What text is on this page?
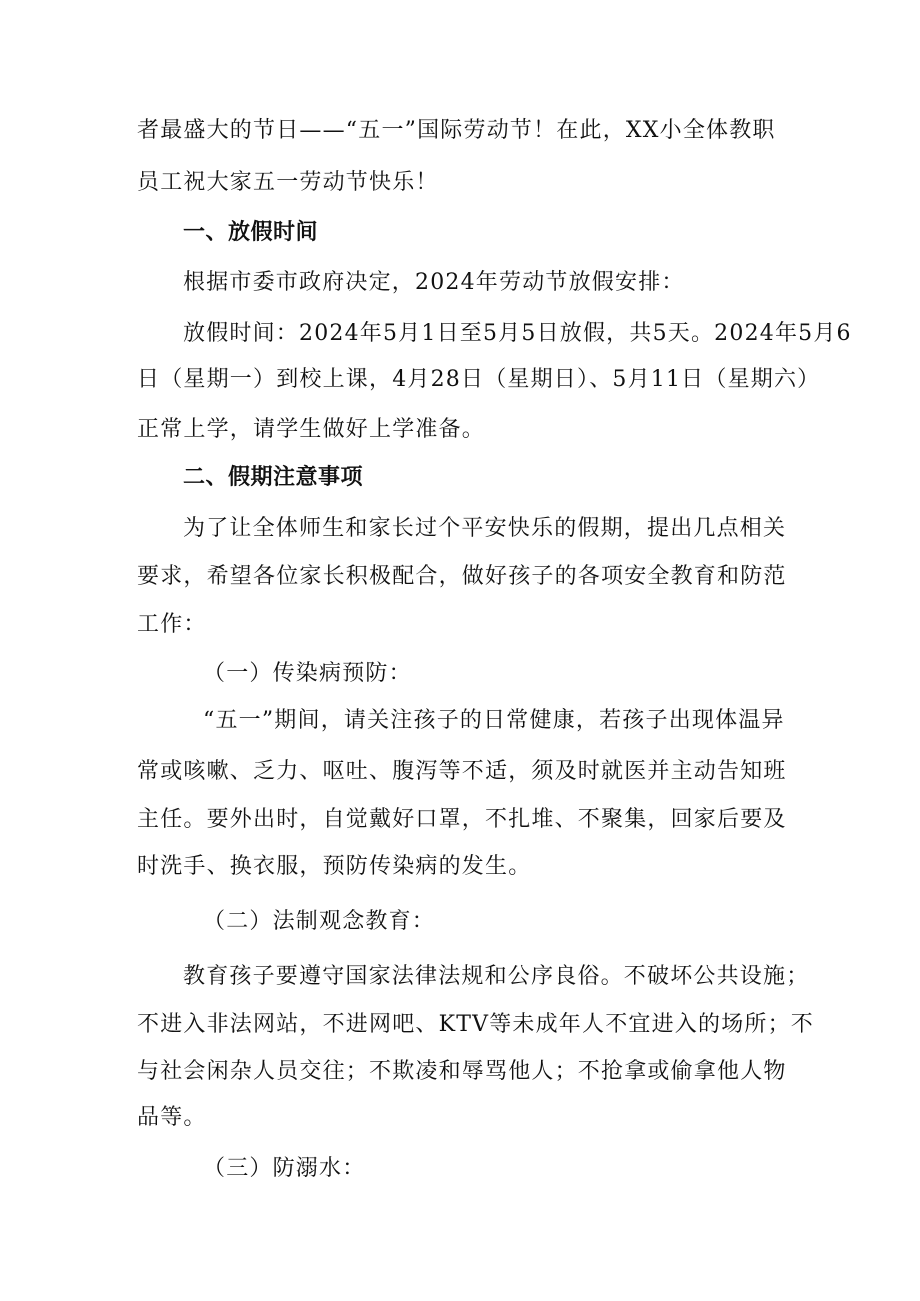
者最盛大的节日——“五一”国际劳动节！在此，XX小全体教职
员工祝大家五一劳动节快乐！
一、放假时间
根据市委市政府决定，2024年劳动节放假安排：
放假时间：2024年5月1日至5月5日放假，共5天。2024年5月6
日（星期一）到校上课，4月28日（星期日）、5月11日（星期六）
正常上学，请学生做好上学准备。
二、假期注意事项
为了让全体师生和家长过个平安快乐的假期，提出几点相关
要求，希望各位家长积极配合，做好孩子的各项安全教育和防范
工作：
（一）传染病预防：
“五一”期间，请关注孩子的日常健康，若孩子出现体温异
常或咳嗽、乏力、呕吐、腹泻等不适，须及时就医并主动告知班
主任。要外出时，自觉戴好口罩，不扎堆、不聚集，回家后要及
时洗手、换衣服，预防传染病的发生。
（二）法制观念教育：
教育孩子要遵守国家法律法规和公序良俗。不破坏公共设施；
不进入非法网站，不进网吧、KTV等未成年人不宜进入的场所；不
与社会闲杂人员交往；不欺凌和辱骂他人；不抢拿或偷拿他人物
品等。
（三）防溺水：
